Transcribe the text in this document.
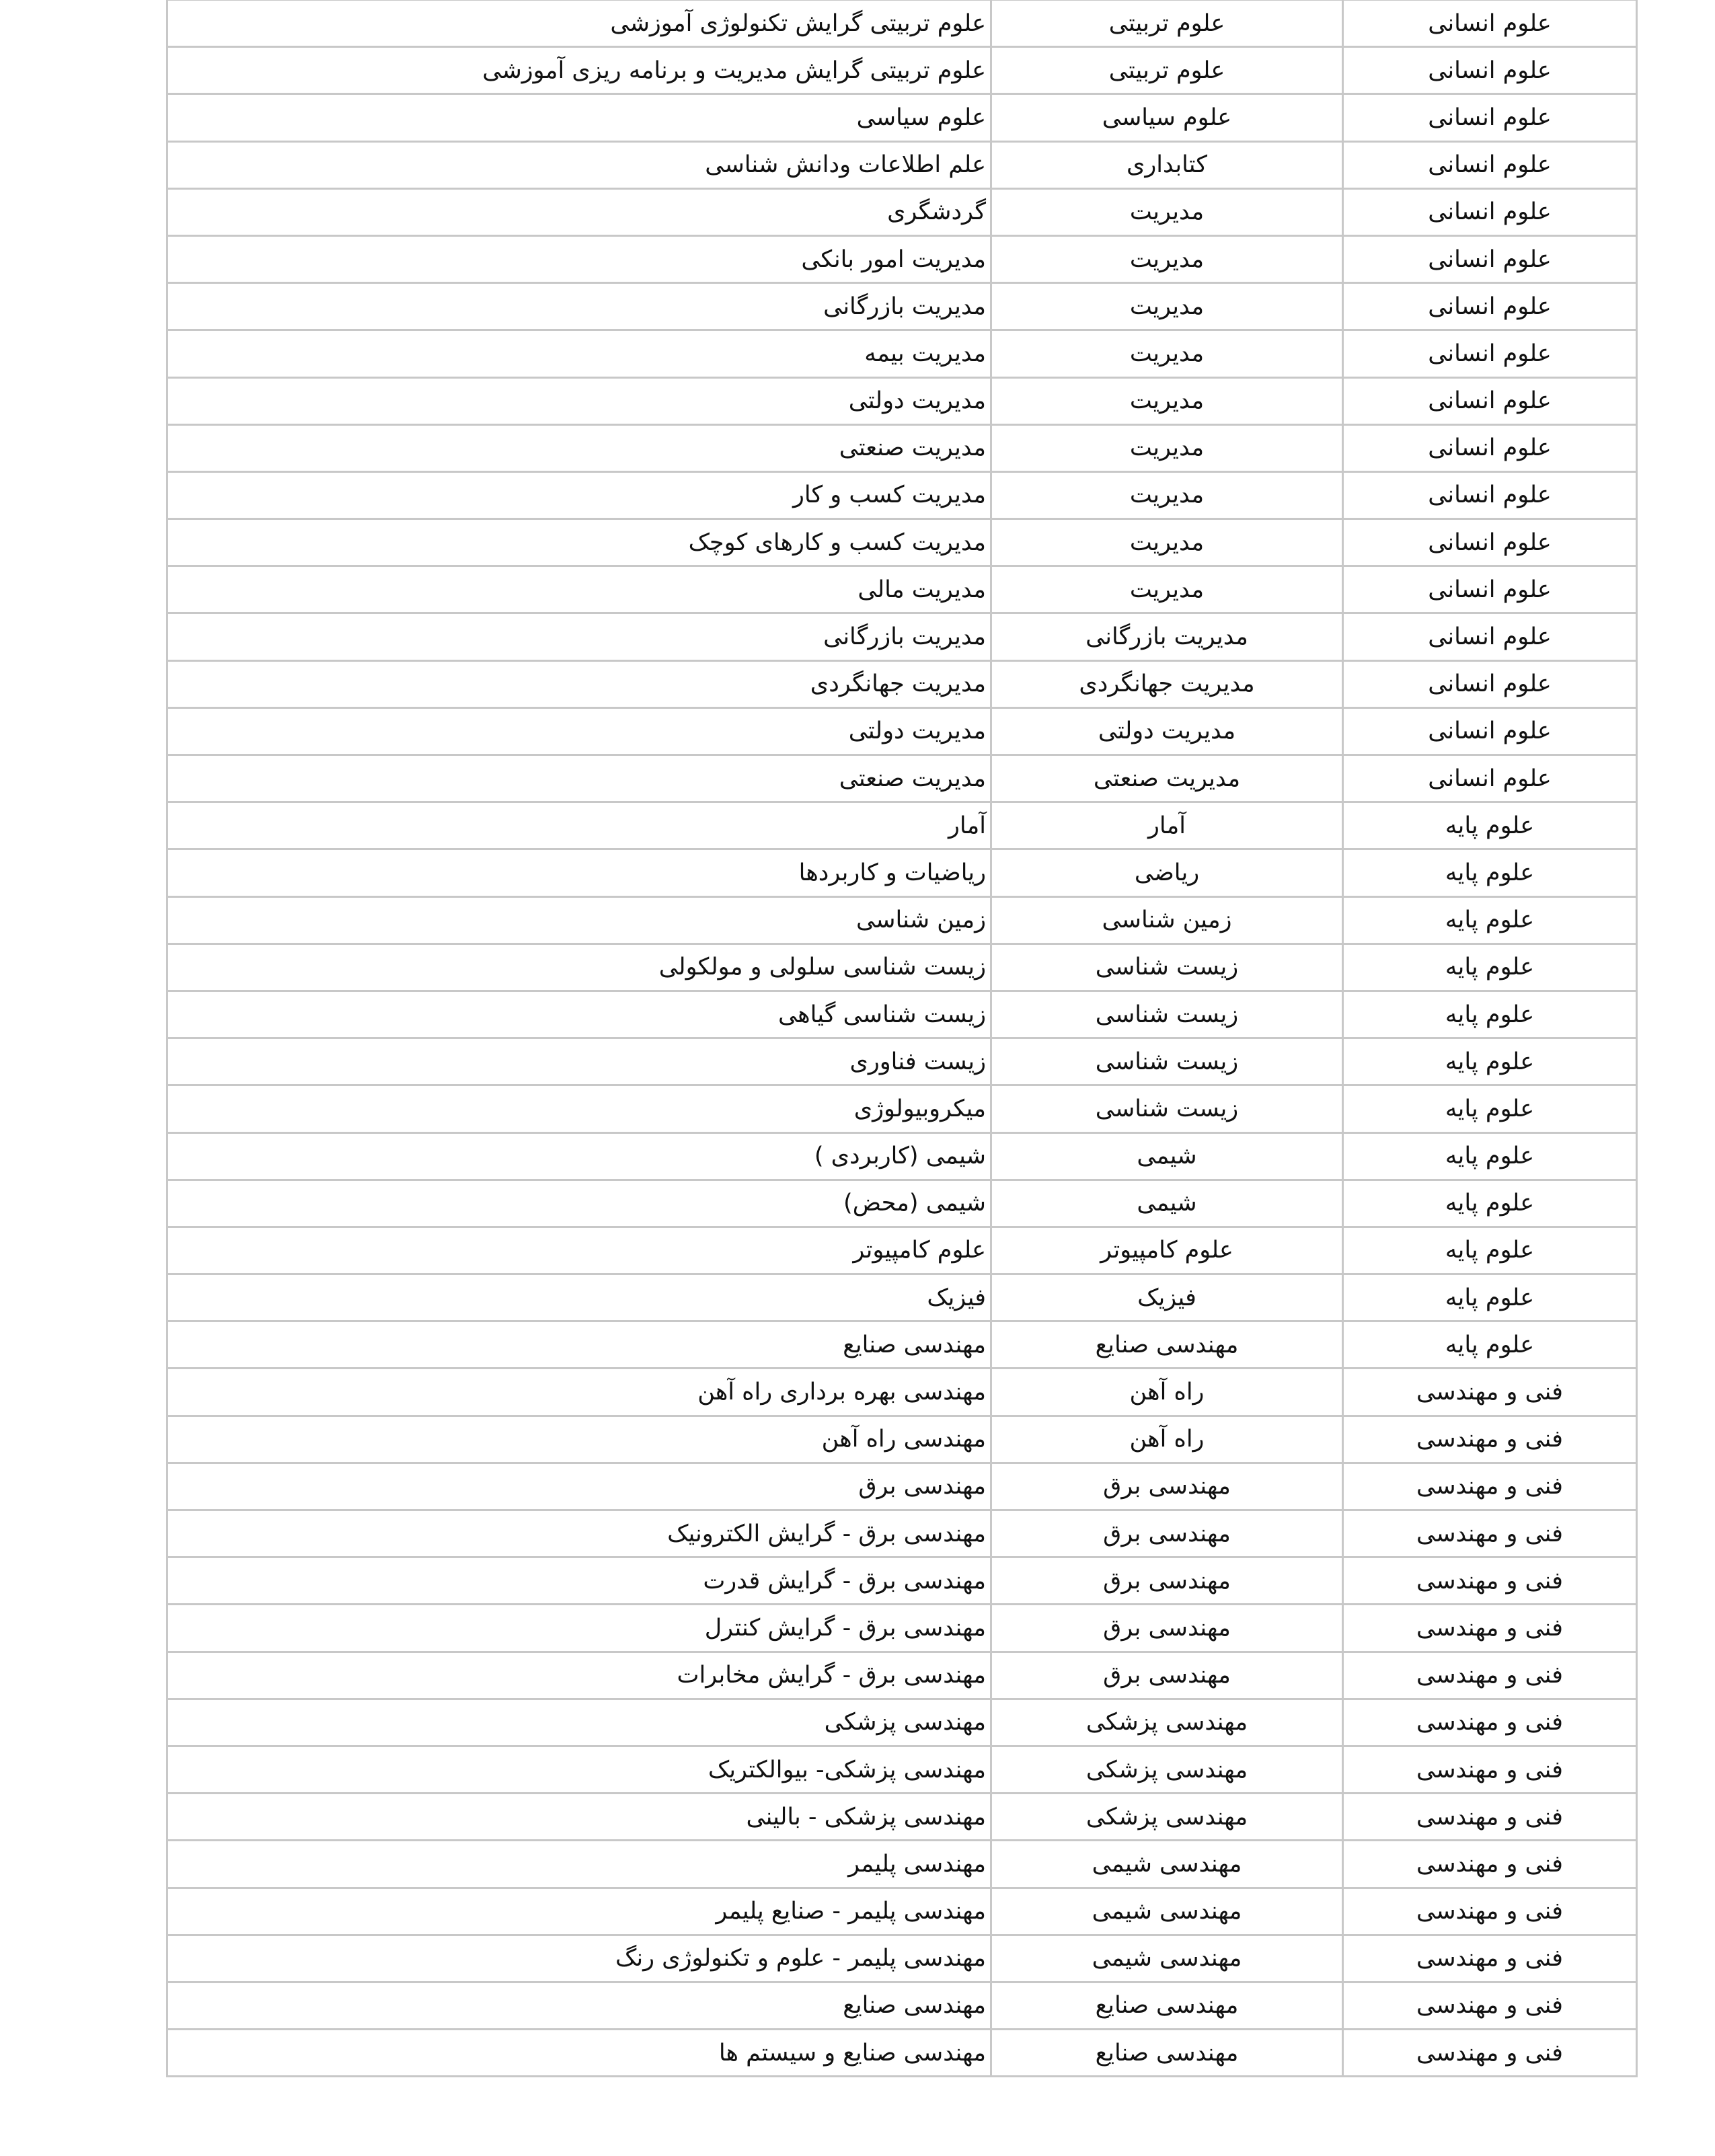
علوم انسانی	علوم تربیتی	علوم تربیتی گرایش تکنولوژی آموزشی
علوم انسانی	علوم تربیتی	علوم تربیتی گرایش مدیریت و برنامه ریزی آموزشی
علوم انسانی	علوم سیاسی	علوم سیاسی
علوم انسانی	کتابداری	علم اطلاعات ودانش شناسی
علوم انسانی	مدیریت	گردشگری
علوم انسانی	مدیریت	مدیریت امور بانکی
علوم انسانی	مدیریت	مدیریت بازرگانی
علوم انسانی	مدیریت	مدیریت بیمه
علوم انسانی	مدیریت	مدیریت دولتی
علوم انسانی	مدیریت	مدیریت صنعتی
علوم انسانی	مدیریت	مدیریت کسب و کار
علوم انسانی	مدیریت	مدیریت کسب و کارهای کوچک
علوم انسانی	مدیریت	مدیریت مالی
علوم انسانی	مدیریت بازرگانی	مدیریت بازرگانی
علوم انسانی	مدیریت جهانگردی	مدیریت جهانگردی
علوم انسانی	مدیریت دولتی	مدیریت دولتی
علوم انسانی	مدیریت صنعتی	مدیریت صنعتی
علوم پایه	آمار	آمار
علوم پایه	ریاضی	ریاضیات و کاربردها
علوم پایه	زمین شناسی	زمین شناسی
علوم پایه	زیست شناسی	زیست شناسی سلولی و مولکولی
علوم پایه	زیست شناسی	زیست شناسی گیاهی
علوم پایه	زیست شناسی	زیست فناوری
علوم پایه	زیست شناسی	میکروبیولوژی
علوم پایه	شیمی	شیمی (کاربردی )
علوم پایه	شیمی	شیمی (محض)
علوم پایه	علوم کامپیوتر	علوم کامپیوتر
علوم پایه	فیزیک	فیزیک
علوم پایه	مهندسی صنایع	مهندسی صنایع
فنی و مهندسی	راه آهن	مهندسی بهره برداری راه آهن
فنی و مهندسی	راه آهن	مهندسی راه آهن
فنی و مهندسی	مهندسی برق	مهندسی برق
فنی و مهندسی	مهندسی برق	مهندسی برق - گرایش الکترونیک
فنی و مهندسی	مهندسی برق	مهندسی برق - گرایش قدرت
فنی و مهندسی	مهندسی برق	مهندسی برق - گرایش کنترل
فنی و مهندسی	مهندسی برق	مهندسی برق - گرایش مخابرات
فنی و مهندسی	مهندسی پزشکی	مهندسی پزشکی
فنی و مهندسی	مهندسی پزشکی	مهندسی پزشکی- بیوالکتریک
فنی و مهندسی	مهندسی پزشکی	مهندسی پزشکی - بالینی
فنی و مهندسی	مهندسی شیمی	مهندسی پلیمر
فنی و مهندسی	مهندسی شیمی	مهندسی پلیمر - صنایع پلیمر
فنی و مهندسی	مهندسی شیمی	مهندسی پلیمر - علوم و تکنولوژی رنگ
فنی و مهندسی	مهندسی صنایع	مهندسی صنایع
فنی و مهندسی	مهندسی صنایع	مهندسی صنایع و سیستم ها
